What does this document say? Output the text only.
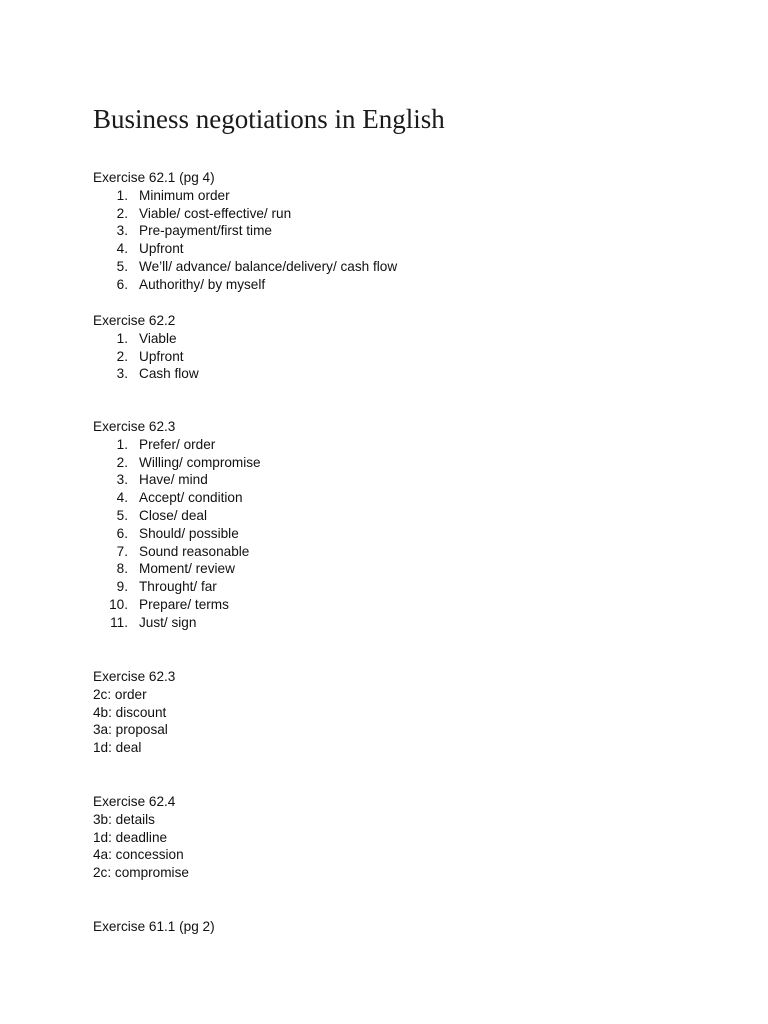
Business negotiations in English
Exercise 62.1 (pg 4)
1. Minimum order
2. Viable/ cost-effective/ run
3. Pre-payment/first time
4. Upfront
5. We’ll/ advance/ balance/delivery/ cash flow
6. Authorithy/ by myself
Exercise 62.2
1. Viable
2. Upfront
3. Cash flow
Exercise 62.3
1. Prefer/ order
2. Willing/ compromise
3. Have/ mind
4. Accept/ condition
5. Close/ deal
6. Should/ possible
7. Sound reasonable
8. Moment/ review
9. Throught/ far
10. Prepare/ terms
11. Just/ sign
Exercise 62.3
2c: order
4b: discount
3a: proposal
1d: deal
Exercise 62.4
3b: details
1d: deadline
4a: concession
2c: compromise
Exercise 61.1 (pg 2)
